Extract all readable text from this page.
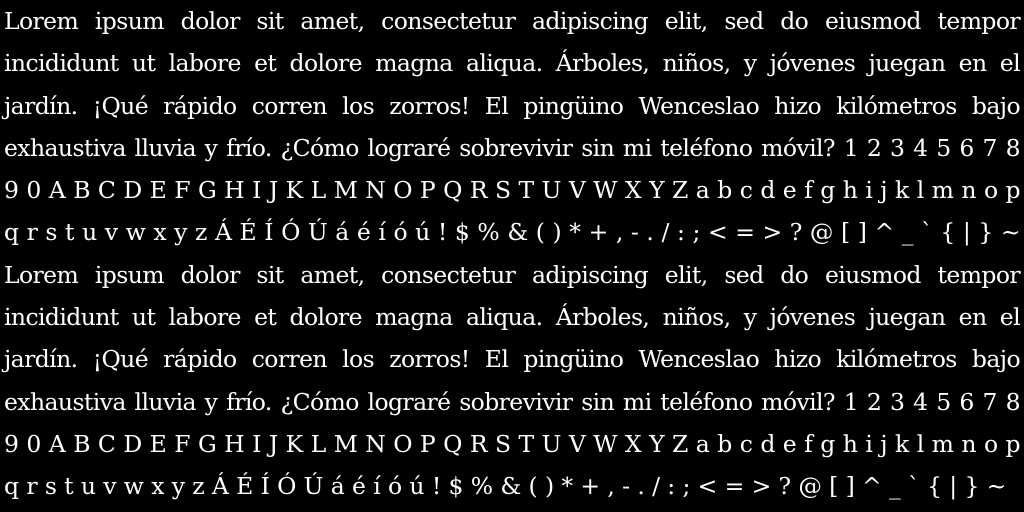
Lorem ipsum dolor sit amet, consectetur adipiscing elit, sed do eiusmod tempor incididunt ut labore et dolore magna aliqua. Árboles, niños, y jóvenes juegan en el jardín. ¡Qué rápido corren los zorros! El pingüino Wenceslao hizo kilómetros bajo exhaustiva lluvia y frío. ¿Cómo lograré sobrevivir sin mi teléfono móvil? 1 2 3 4 5 6 7 8 9 0 A B C D E F G H I J K L M N O P Q R S T U V W X Y Z a b c d e f g h i j k l m n o p q r s t u v w x y z Á É Í Ó Ú á é í ó ú ! $ % & ( ) * + , - . / : ; < = > ? @ [ ] ^ _ ` { | } ~ Lorem ipsum dolor sit amet, consectetur adipiscing elit, sed do eiusmod tempor incididunt ut labore et dolore magna aliqua. Árboles, niños, y jóvenes juegan en el jardín. ¡Qué rápido corren los zorros! El pingüino Wenceslao hizo kilómetros bajo exhaustiva lluvia y frío. ¿Cómo lograré sobrevivir sin mi teléfono móvil? 1 2 3 4 5 6 7 8 9 0 A B C D E F G H I J K L M N O P Q R S T U V W X Y Z a b c d e f g h i j k l m n o p q r s t u v w x y z Á É Í Ó Ú á é í ó ú ! $ % & ( ) * + , - . / : ; < = > ? @ [ ] ^ _ ` { | } ~
